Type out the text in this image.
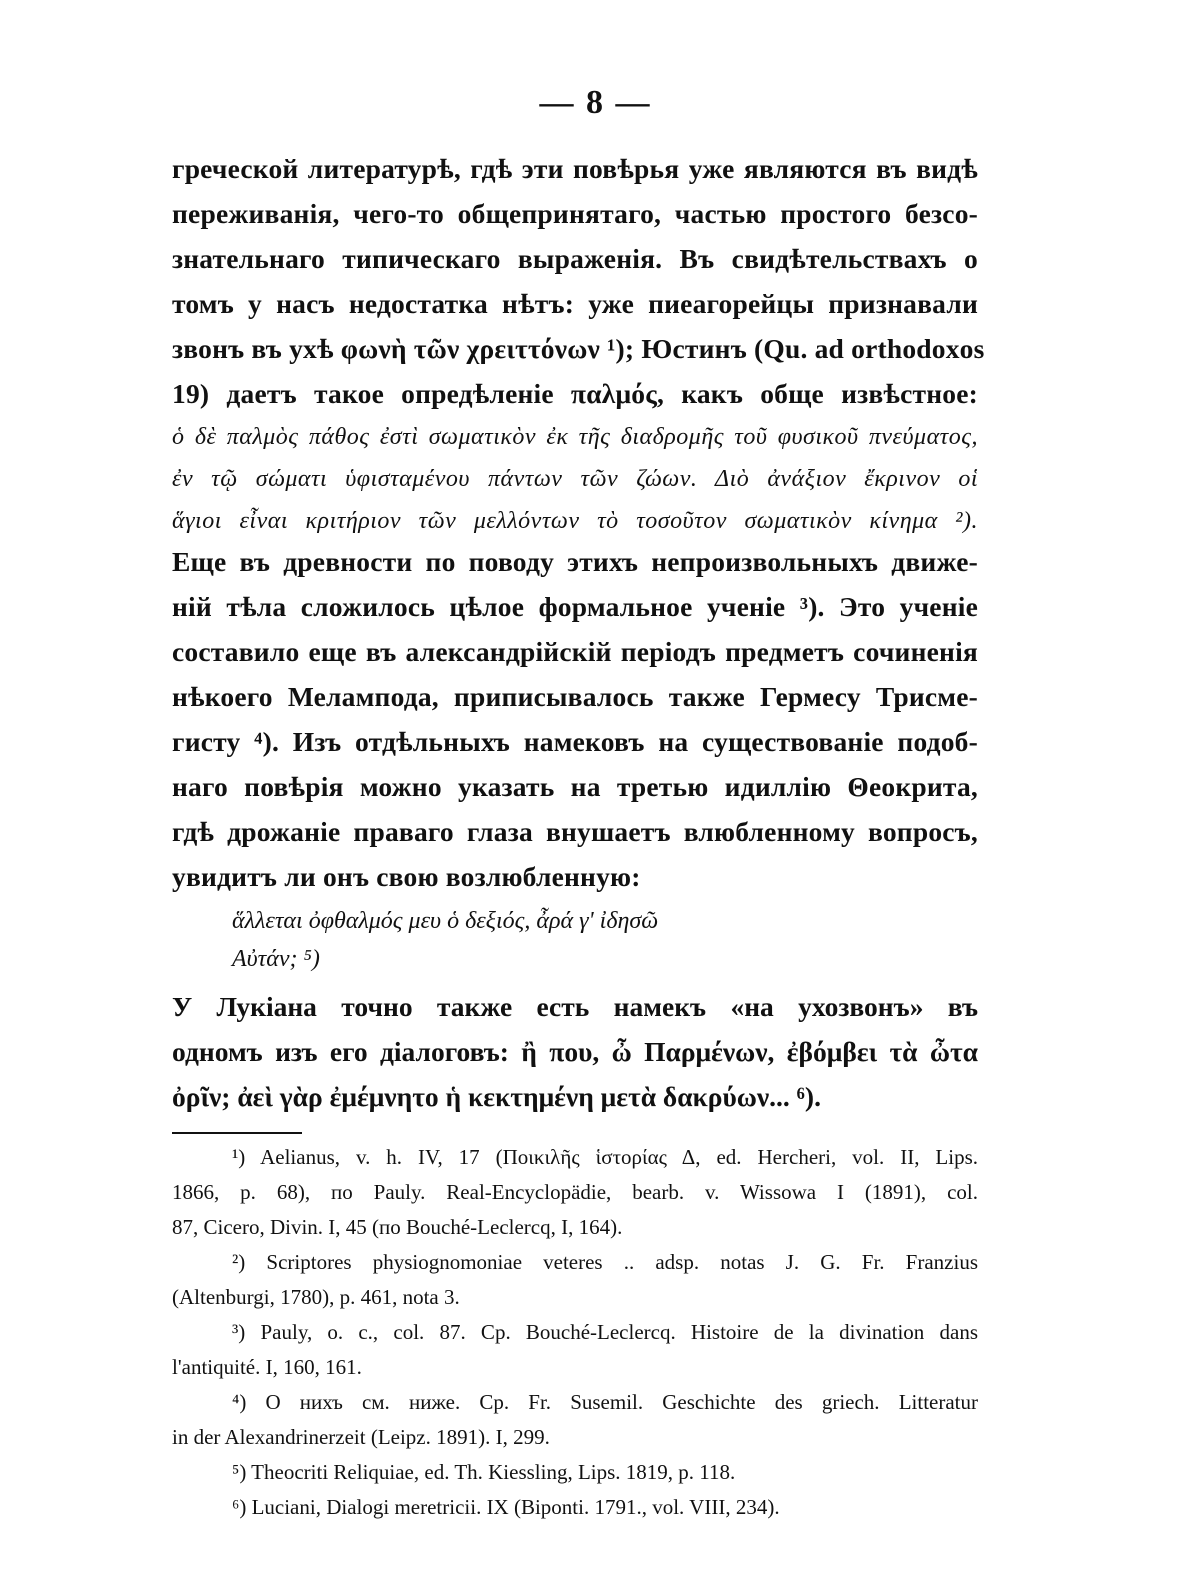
— 8 —
греческой литературѣ, гдѣ эти повѣрья уже являются въ видѣ
переживанія, чего-то общепринятаго, частью простого безсо-
знательнаго типическаго выраженія. Въ свидѣтельствахъ о
томъ у насъ недостатка нѣтъ: уже пиеагорейцы признавали
звонъ въ ухѣ φωνὴ τῶν χρειττόνων ¹); Юстинъ (Qu. ad orthodoxos
19) даетъ такое опредѣленіе παλμός, какъ обще извѣстное:
ὁ δὲ παλμὸς πάθος ἐστὶ σωματικὸν ἐκ τῆς διαδρομῆς τοῦ φυσικοῦ πνεύματος,
ἐν τῷ σώματι ὑφισταμένου πάντων τῶν ζώων. Διὸ ἀνάξιον ἔκρινον οἱ
ἅγιοι εἶναι κριτήριον τῶν μελλόντων τὸ τοσοῦτον σωματικὸν κίνημα ²).
Еще въ древности по поводу этихъ непроизвольныхъ движе-
ній тѣла сложилось цѣлое формальное ученіе ³). Это ученіе
составило еще въ александрійскій періодъ предметъ сочиненія
нѣкоего Мелампода, приписывалось также Гермесу Трисме-
гисту ⁴). Изъ отдѣльныхъ намековъ на существованіе подоб-
наго повѣрія можно указать на третью идиллію Θеокрита,
гдѣ дрожаніе праваго глаза внушаетъ влюбленному вопросъ,
увидитъ ли онъ свою возлюбленную:
ἅλλεται ὀφθαλμός μευ ὁ δεξιός, ἆρά γ' ἰδησῶ
Αὐτάν; ⁵)
У Лукіана точно также есть намекъ «на ухозвонъ» въ
одномъ изъ его діалоговъ: ἢ που, ὦ Παρμένων, ἐβόμβει τὰ ὦτα
ὀρῖν; ἀεὶ γὰρ ἐμέμνητο ἡ κεκτημένη μετὰ δακρύων... ⁶).
¹) Aelianus, v. h. IV, 17 (Ποικιλῆς ἱστορίας Δ, ed. Hercheri, vol. II, Lips.
1866, p. 68), по Pauly. Real-Encyclopädie, bearb. v. Wissowa I (1891), col.
87, Cicero, Divin. I, 45 (по Bouché-Leclercq, I, 164).
²) Scriptores physiognomoniae veteres .. adsp. notas J. G. Fr. Franzius
(Altenburgi, 1780), p. 461, nota 3.
³) Pauly, o. c., col. 87. Cp. Bouché-Leclercq. Histoire de la divination dans
l'antiquité. I, 160, 161.
⁴) О нихъ см. ниже. Cp. Fr. Susemil. Geschichte des griech. Litteratur
in der Alexandrinerzeit (Leipz. 1891). I, 299.
⁵) Theocriti Reliquiae, ed. Th. Kiessling, Lips. 1819, p. 118.
⁶) Luciani, Dialogi meretricii. IX (Biponti. 1791., vol. VIII, 234).
